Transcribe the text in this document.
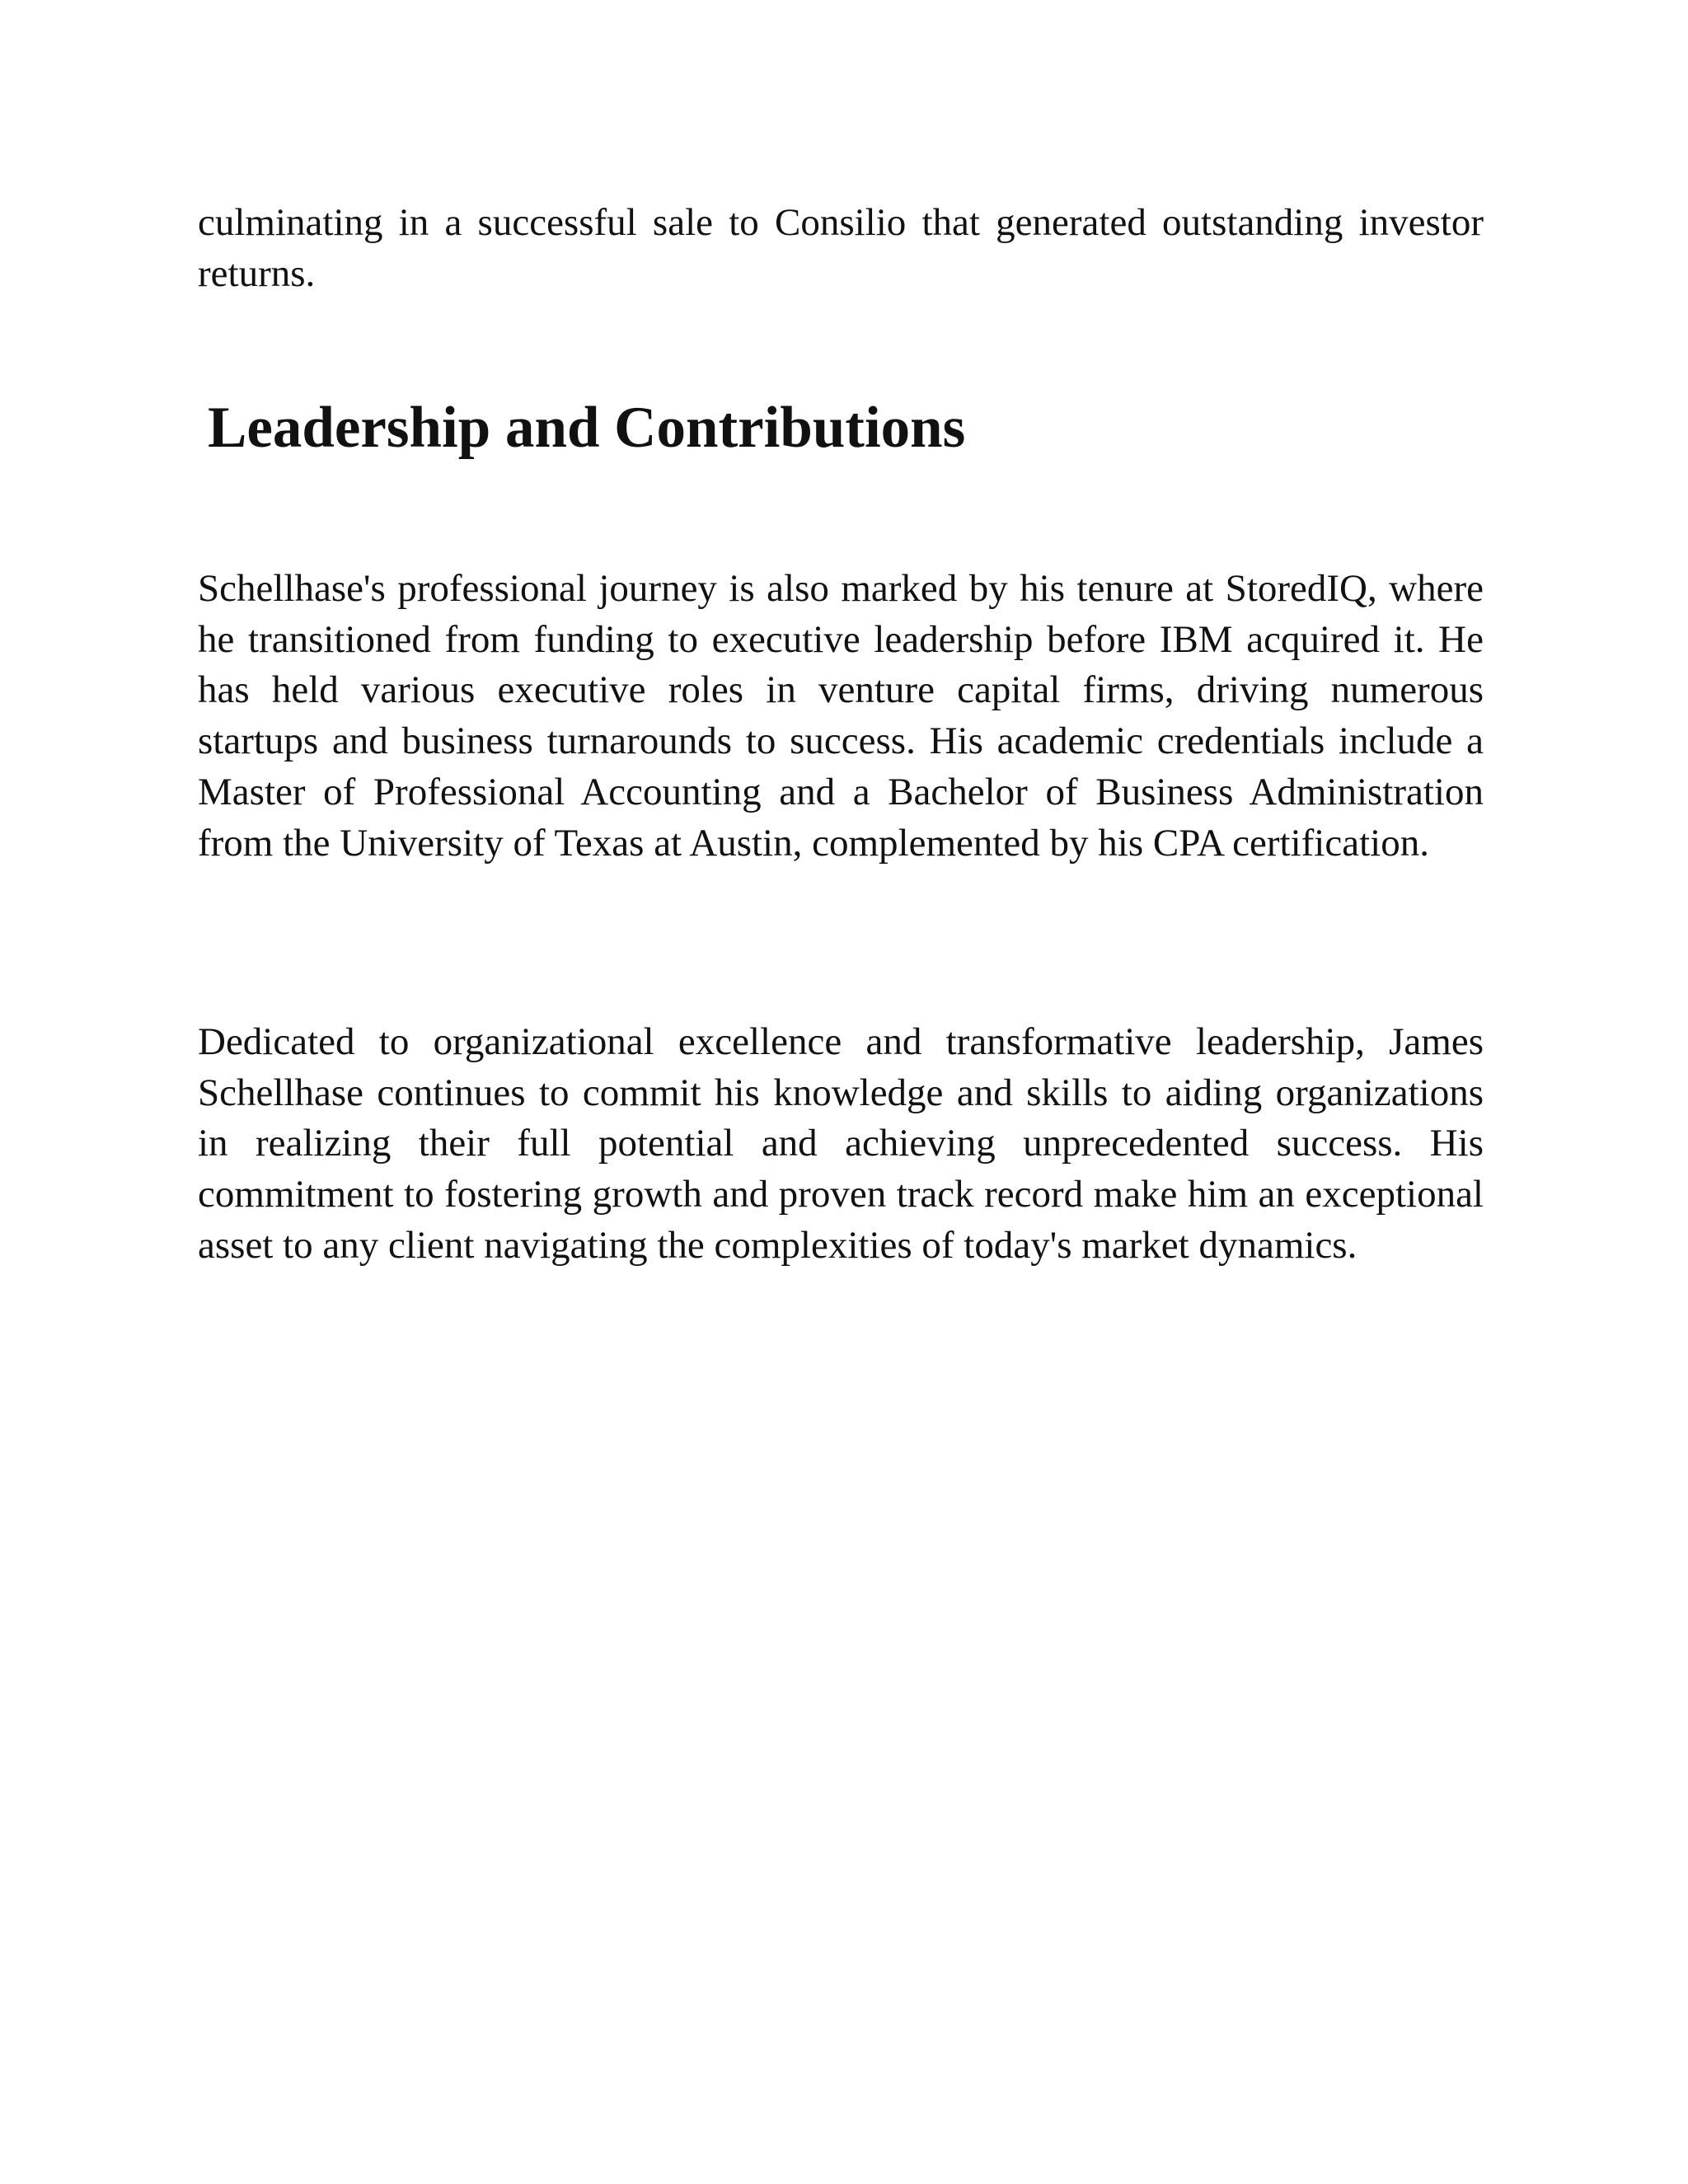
culminating in a successful sale to Consilio that generated outstanding investor returns.

Leadership and Contributions

Schellhase's professional journey is also marked by his tenure at StoredIQ, where he transitioned from funding to executive leadership before IBM acquired it. He has held various executive roles in venture capital firms, driving numerous startups and business turnarounds to success. His academic credentials include a Master of Professional Accounting and a Bachelor of Business Administration from the University of Texas at Austin, complemented by his CPA certification.

Dedicated to organizational excellence and transformative leadership, James Schellhase continues to commit his knowledge and skills to aiding organizations in realizing their full potential and achieving unprecedented success. His commitment to fostering growth and proven track record make him an exceptional asset to any client navigating the complexities of today's market dynamics.
